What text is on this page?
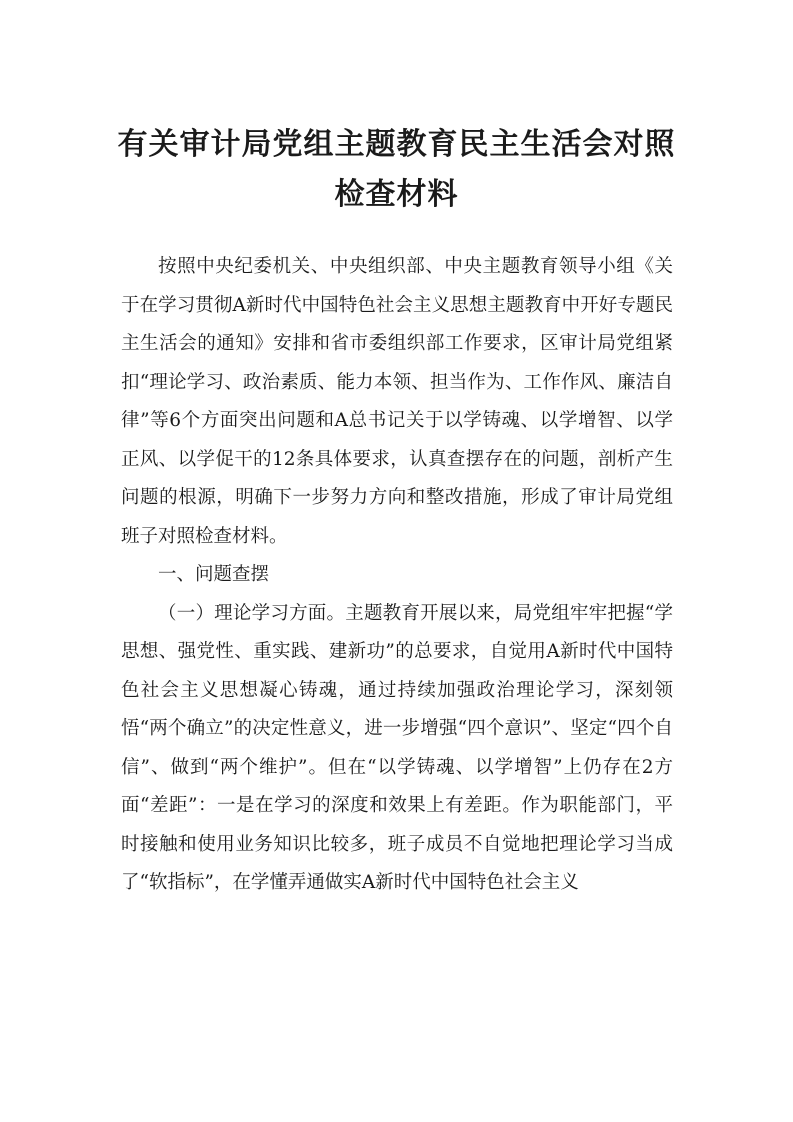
有关审计局党组主题教育民主生活会对照
检查材料

按照中央纪委机关、中央组织部、中央主题教育领导小组《关于在学习贯彻A新时代中国特色社会主义思想主题教育中开好专题民主生活会的通知》安排和省市委组织部工作要求，区审计局党组紧扣“理论学习、政治素质、能力本领、担当作为、工作作风、廉洁自律”等6个方面突出问题和A总书记关于以学铸魂、以学增智、以学正风、以学促干的12条具体要求，认真查摆存在的问题，剖析产生问题的根源，明确下一步努力方向和整改措施，形成了审计局党组班子对照检查材料。

一、问题查摆

（一）理论学习方面。主题教育开展以来，局党组牢牢把握“学思想、强党性、重实践、建新功”的总要求，自觉用A新时代中国特色社会主义思想凝心铸魂，通过持续加强政治理论学习，深刻领悟“两个确立”的决定性意义，进一步增强“四个意识”、坚定“四个自信”、做到“两个维护”。但在“以学铸魂、以学增智”上仍存在2方面“差距”：一是在学习的深度和效果上有差距。作为职能部门，平时接触和使用业务知识比较多，班子成员不自觉地把理论学习当成了“软指标”，在学懂弄通做实A新时代中国特色社会主义
